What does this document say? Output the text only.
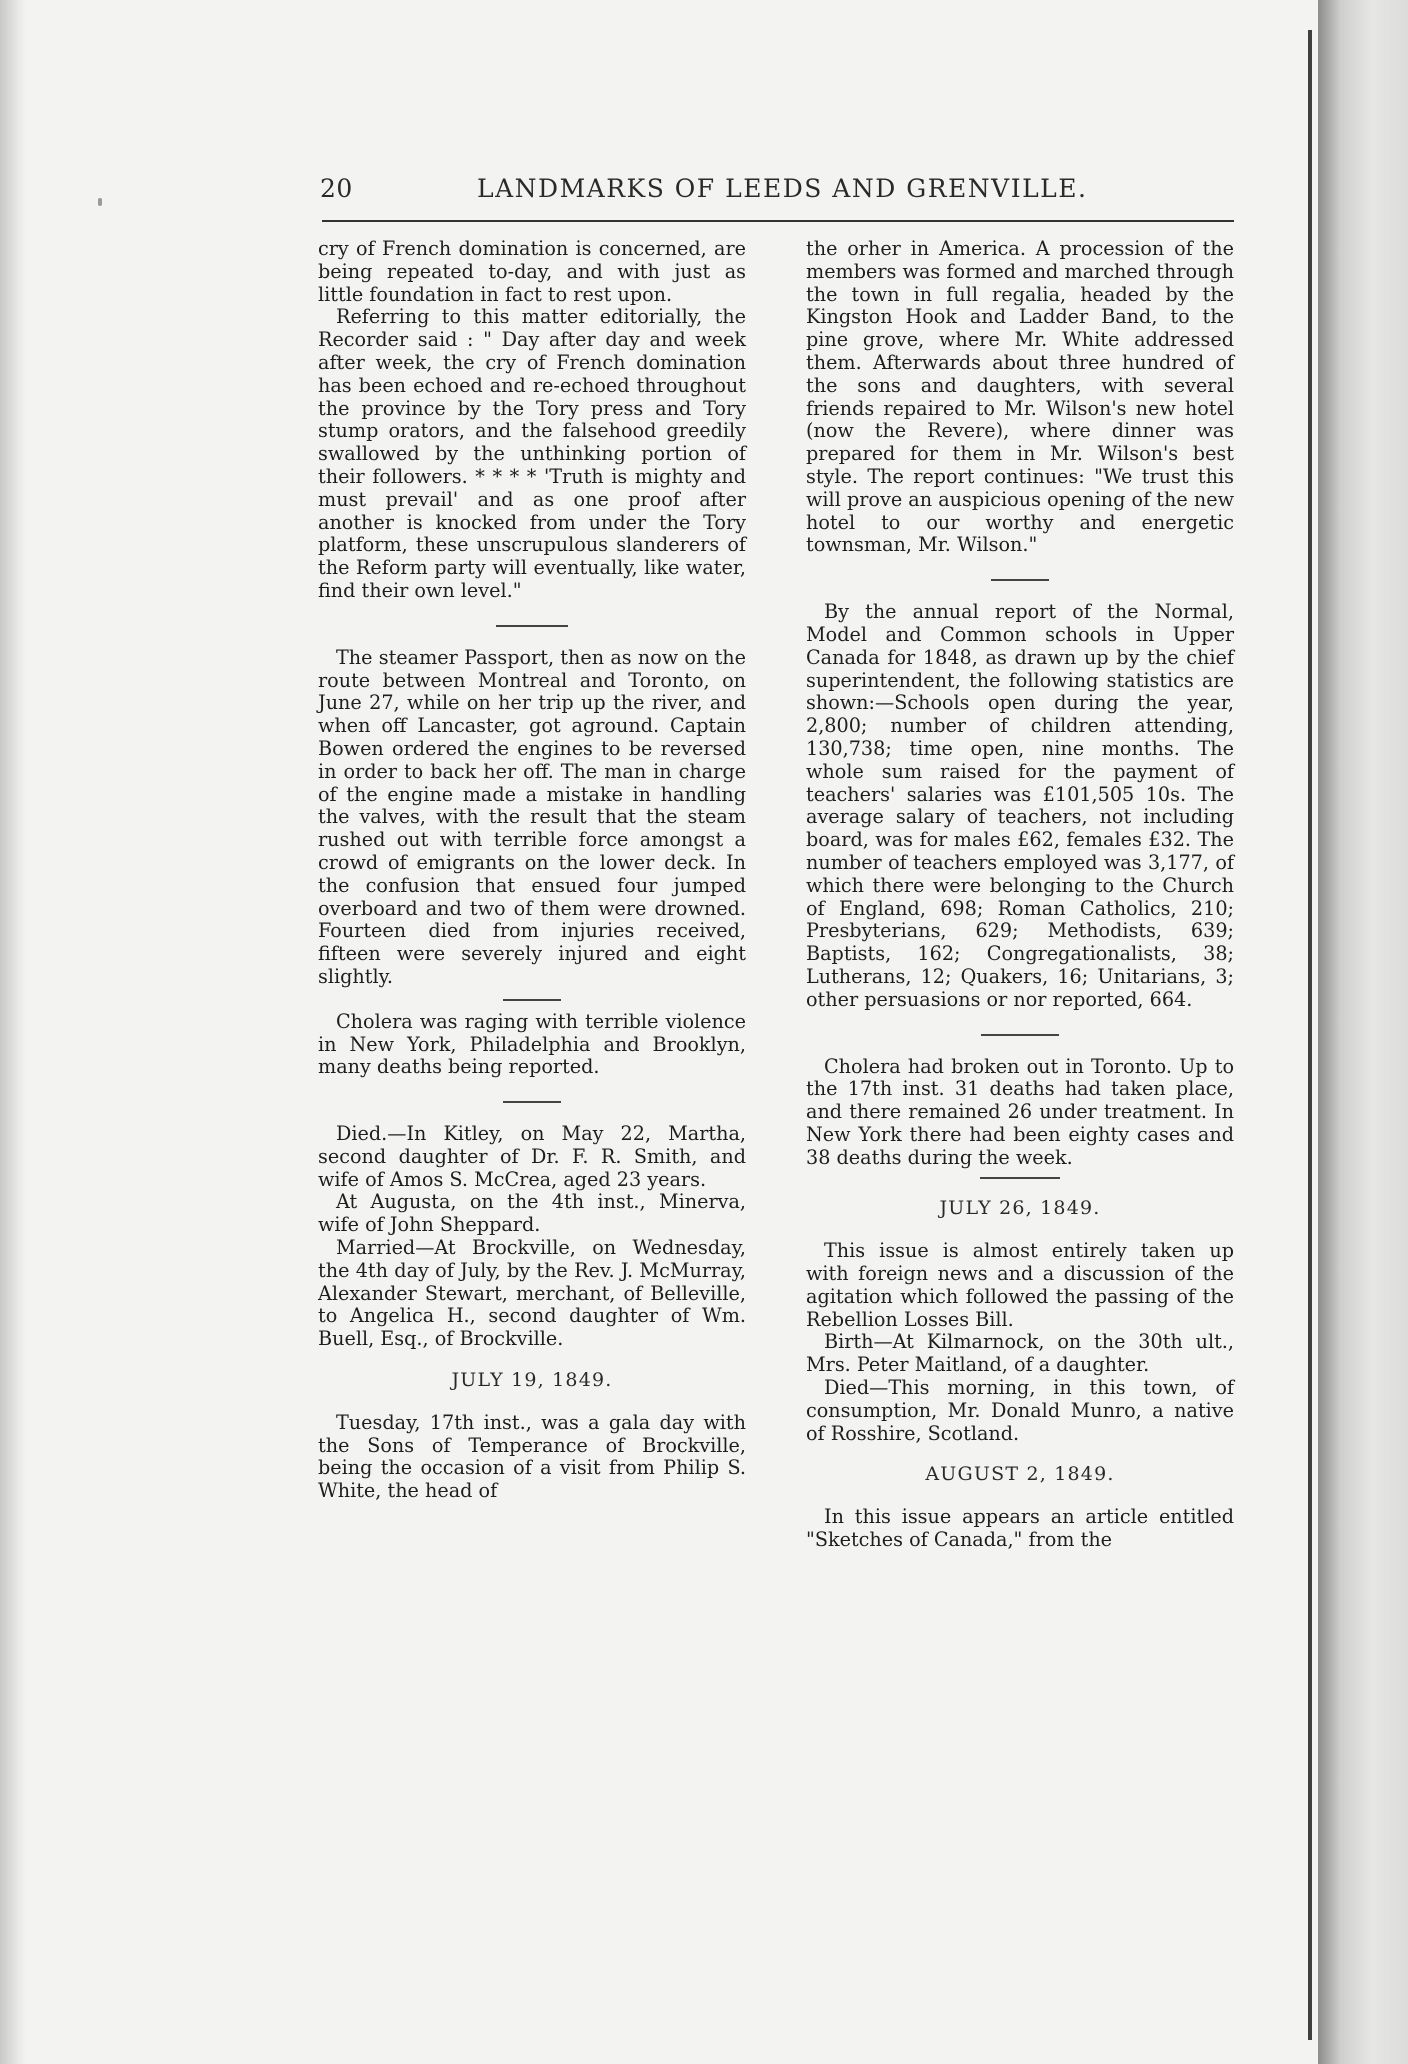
20	LANDMARKS OF LEEDS AND GRENVILLE.

cry of French domination is concerned, are being repeated to-day, and with just as little foundation in fact to rest upon.

Referring to this matter editorially, the Recorder said : " Day after day and week after week, the cry of French domination has been echoed and re-echoed throughout the province by the Tory press and Tory stump orators, and the falsehood greedily swallowed by the unthinking portion of their followers. * * * * 'Truth is mighty and must prevail' and as one proof after another is knocked from under the Tory platform, these unscrupulous slanderers of the Reform party will eventually, like water, find their own level."

The steamer Passport, then as now on the route between Montreal and Toronto, on June 27, while on her trip up the river, and when off Lancaster, got aground. Captain Bowen ordered the engines to be reversed in order to back her off. The man in charge of the engine made a mistake in handling the valves, with the result that the steam rushed out with terrible force amongst a crowd of emigrants on the lower deck. In the confusion that ensued four jumped overboard and two of them were drowned. Fourteen died from injuries received, fifteen were severely injured and eight slightly.

Cholera was raging with terrible violence in New York, Philadelphia and Brooklyn, many deaths being reported.

Died.—In Kitley, on May 22, Martha, second daughter of Dr. F. R. Smith, and wife of Amos S. McCrea, aged 23 years.

At Augusta, on the 4th inst., Minerva, wife of John Sheppard.

Married—At Brockville, on Wednesday, the 4th day of July, by the Rev. J. McMurray, Alexander Stewart, merchant, of Belleville, to Angelica H., second daughter of Wm. Buell, Esq., of Brockville.

JULY 19, 1849.

Tuesday, 17th inst., was a gala day with the Sons of Temperance of Brockville, being the occasion of a visit from Philip S. White, the head of

the orher in America. A procession of the members was formed and marched through the town in full regalia, headed by the Kingston Hook and Ladder Band, to the pine grove, where Mr. White addressed them. Afterwards about three hundred of the sons and daughters, with several friends repaired to Mr. Wilson's new hotel (now the Revere), where dinner was prepared for them in Mr. Wilson's best style. The report continues: "We trust this will prove an auspicious opening of the new hotel to our worthy and energetic townsman, Mr. Wilson."

By the annual report of the Normal, Model and Common schools in Upper Canada for 1848, as drawn up by the chief superintendent, the following statistics are shown:—Schools open during the year, 2,800; number of children attending, 130,738; time open, nine months. The whole sum raised for the payment of teachers' salaries was £101,505 10s. The average salary of teachers, not including board, was for males £62, females £32. The number of teachers employed was 3,177, of which there were belonging to the Church of England, 698; Roman Catholics, 210; Presbyterians, 629; Methodists, 639; Baptists, 162; Congregationalists, 38; Lutherans, 12; Quakers, 16; Unitarians, 3; other persuasions or nor reported, 664.

Cholera had broken out in Toronto. Up to the 17th inst. 31 deaths had taken place, and there remained 26 under treatment. In New York there had been eighty cases and 38 deaths during the week.

JULY 26, 1849.

This issue is almost entirely taken up with foreign news and a discussion of the agitation which followed the passing of the Rebellion Losses Bill.

Birth—At Kilmarnock, on the 30th ult., Mrs. Peter Maitland, of a daughter.

Died—This morning, in this town, of consumption, Mr. Donald Munro, a native of Rosshire, Scotland.

AUGUST 2, 1849.

In this issue appears an article entitled "Sketches of Canada," from the
